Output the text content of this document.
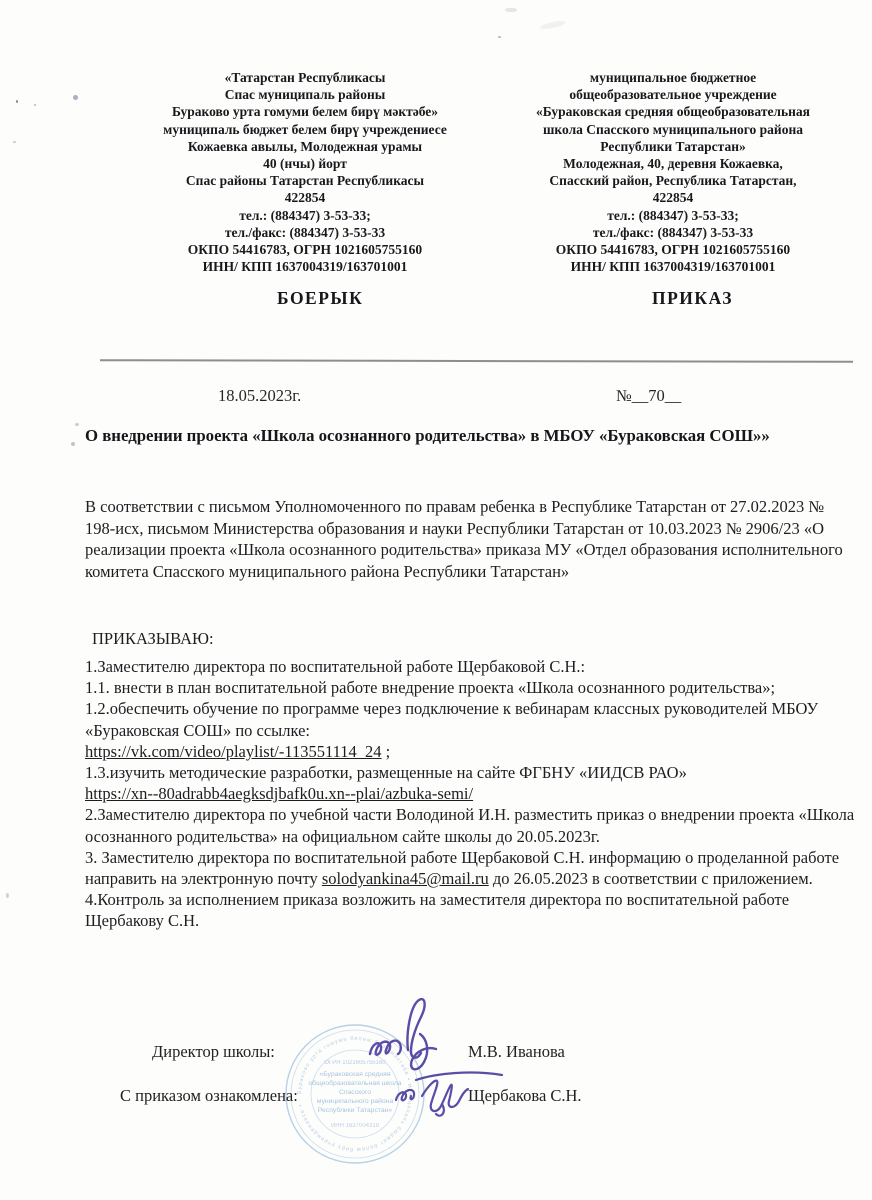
«Татарстан Республикасы
Спас муниципаль районы
Бураково урта гомуми белем бирү мәктәбе»
муниципаль бюджет белем бирү учреждениесе
Кожаевка авылы, Молодежная урамы
40 (нчы) йорт
Спас районы Татарстан Республикасы
422854
тел.: (884347) 3-53-33;
тел./факс: (884347) 3-53-33
ОКПО 54416783, ОГРН 1021605755160
ИНН/ КПП 1637004319/163701001
муниципальное бюджетное
общеобразовательное учреждение
«Бураковская средняя общеобразовательная
школа Спасского муниципального района
Республики Татарстан»
Молодежная, 40, деревня Кожаевка,
Спасский район, Республика Татарстан,
422854
тел.: (884347) 3-53-33;
тел./факс: (884347) 3-53-33
ОКПО 54416783, ОГРН 1021605755160
ИНН/ КПП 1637004319/163701001
БОЕРЫК	ПРИКАЗ
18.05.2023г.	№__70__
О внедрении проекта «Школа осознанного родительства» в МБОУ «Бураковская СОШ»»
В соответствии с письмом Уполномоченного по правам ребенка в Республике Татарстан от 27.02.2023 № 198-исх, письмом Министерства образования и науки Республики Татарстан от 10.03.2023 № 2906/23 «О реализации проекта «Школа осознанного родительства» приказа МУ «Отдел образования исполнительного комитета Спасского муниципального района Республики Татарстан»
ПРИКАЗЫВАЮ:

1.Заместителю директора по воспитательной работе Щербаковой С.Н.:

1.1. внести в план воспитательной работе внедрение проекта «Школа осознанного родительства»;

1.2.обеспечить обучение по программе через подключение к вебинарам классных руководителей МБОУ «Бураковская СОШ» по ссылке:

https://vk.com/video/playlist/-113551114_24 ;

1.3.изучить методические разработки, размещенные на сайте ФГБНУ «ИИДСВ РАО»

https://xn--80adrabb4aegksdjbafk0u.xn--plai/azbuka-semi/

2.Заместителю директора по учебной части Володиной И.Н. разместить приказ о внедрении проекта «Школа осознанного родительства» на официальном сайте школы до 20.05.2023г.

3. Заместителю директора по воспитательной работе Щербаковой С.Н. информацию о проделанной работе направить на электронную почту solodyankina45@mail.ru до 26.05.2023 в соответствии с приложением.

4.Контроль за исполнением приказа возложить на заместителя директора по воспитательной работе Щербакову С.Н.

Бураково урта гомуми белем бирү мәктәбе • муниципаль бюджет белем бирү учреждениесе •
ОГРН 1021605755160
«Бураковская средняя
общеобразовательная школа
Спасского
муниципального района
Республики Татарстан»
ИНН 1637004319
Директор школы:	М.В. Иванова
С приказом ознакомлена:	Щербакова С.Н.
